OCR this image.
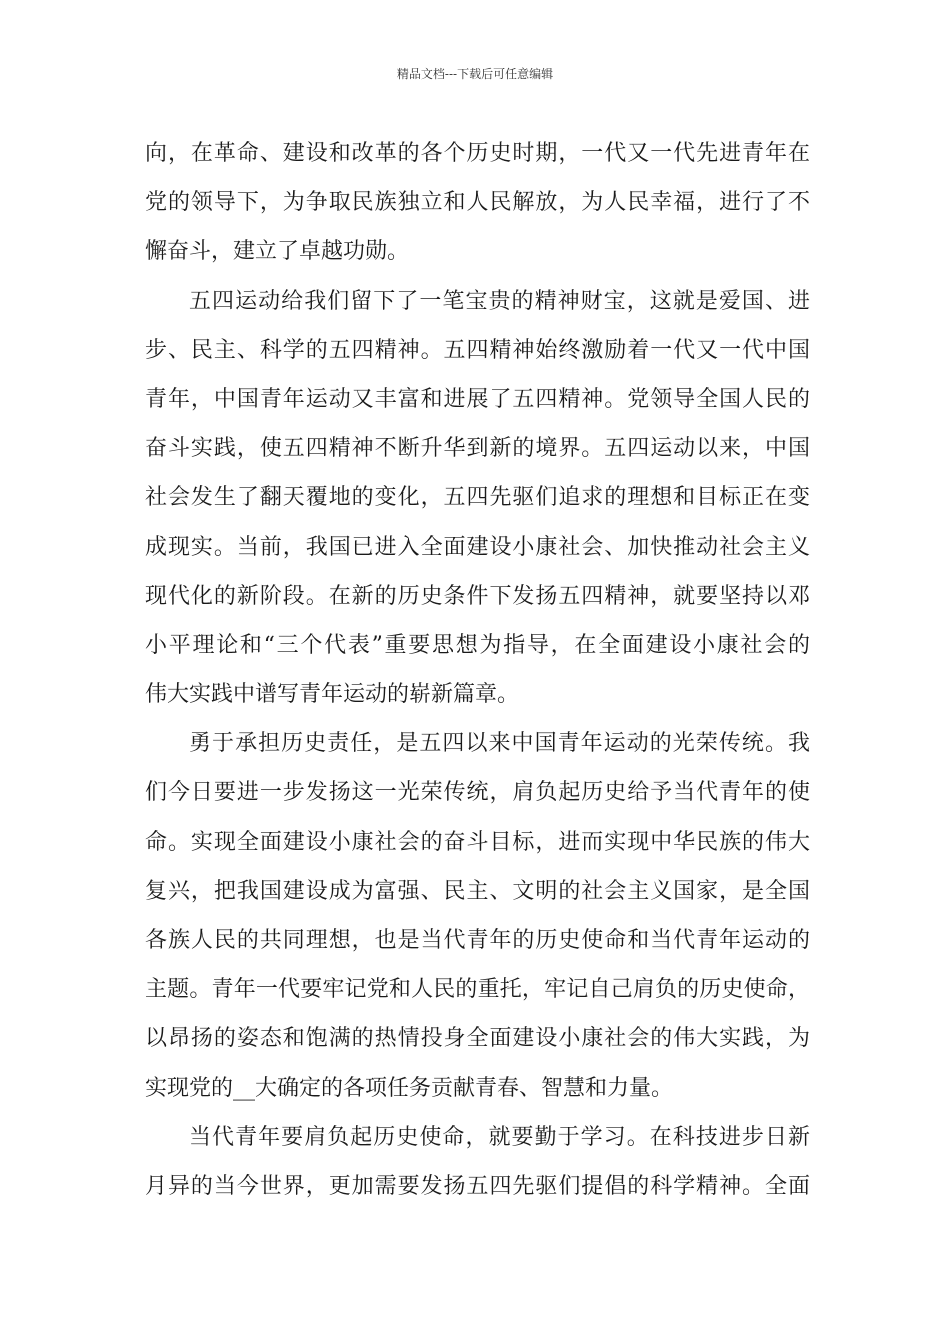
精品文档---下载后可任意编辑
向，在革命、建设和改革的各个历史时期，一代又一代先进青年在
党的领导下，为争取民族独立和人民解放，为人民幸福，进行了不
懈奋斗，建立了卓越功勋。
五四运动给我们留下了一笔宝贵的精神财宝，这就是爱国、进
步、民主、科学的五四精神。五四精神始终激励着一代又一代中国
青年，中国青年运动又丰富和进展了五四精神。党领导全国人民的
奋斗实践，使五四精神不断升华到新的境界。五四运动以来，中国
社会发生了翻天覆地的变化，五四先驱们追求的理想和目标正在变
成现实。当前，我国已进入全面建设小康社会、加快推动社会主义
现代化的新阶段。在新的历史条件下发扬五四精神，就要坚持以邓
小平理论和“三个代表”重要思想为指导，在全面建设小康社会的
伟大实践中谱写青年运动的崭新篇章。
勇于承担历史责任，是五四以来中国青年运动的光荣传统。我
们今日要进一步发扬这一光荣传统，肩负起历史给予当代青年的使
命。实现全面建设小康社会的奋斗目标，进而实现中华民族的伟大
复兴，把我国建设成为富强、民主、文明的社会主义国家，是全国
各族人民的共同理想，也是当代青年的历史使命和当代青年运动的
主题。青年一代要牢记党和人民的重托，牢记自己肩负的历史使命，
以昂扬的姿态和饱满的热情投身全面建设小康社会的伟大实践，为
实现党的__大确定的各项任务贡献青春、智慧和力量。
当代青年要肩负起历史使命，就要勤于学习。在科技进步日新
月异的当今世界，更加需要发扬五四先驱们提倡的科学精神。全面
